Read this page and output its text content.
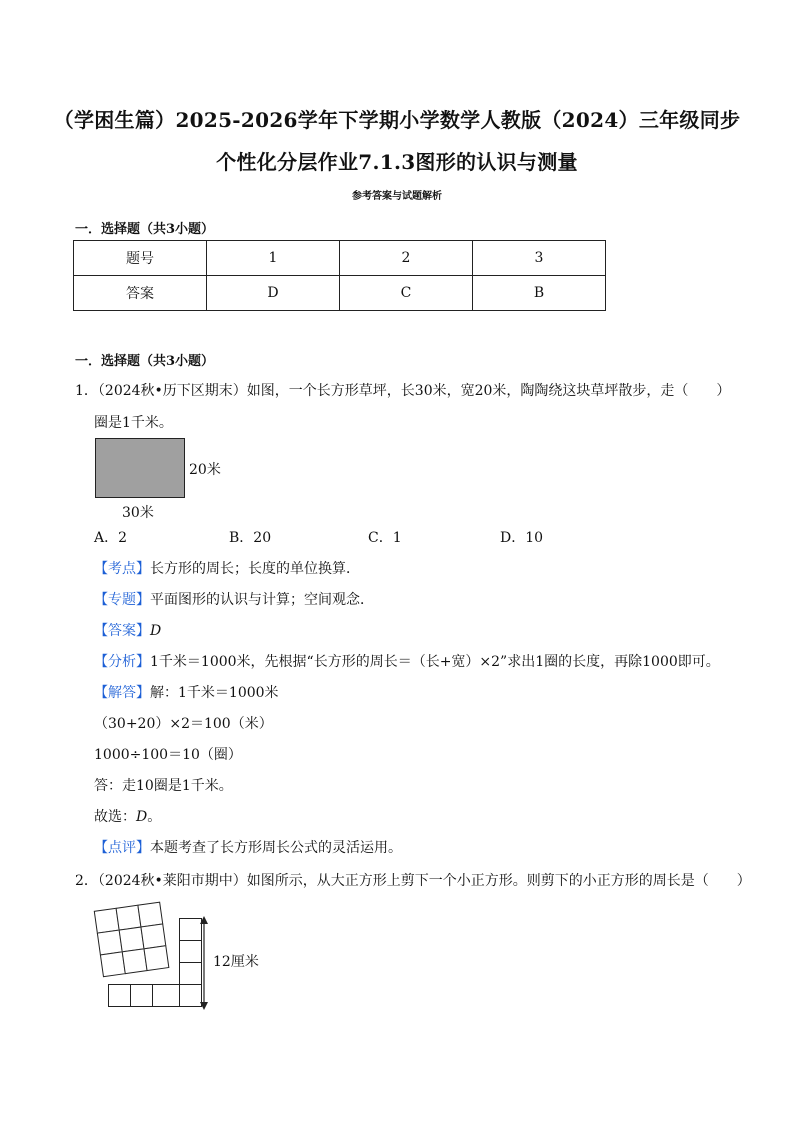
（学困生篇）2025-2026学年下学期小学数学人教版（2024）三年级同步
个性化分层作业7.1.3图形的认识与测量
参考答案与试题解析
一．选择题（共3小题）
题号	1	2	3
答案	D	C	B
一．选择题（共3小题）
1．（2024秋•历下区期末）如图，一个长方形草坪，长30米，宽20米，陶陶绕这块草坪散步，走（　　）
圈是1千米。
20米
30米
A．2	B．20	C．1	D．10
【考点】长方形的周长；长度的单位换算．
【专题】平面图形的认识与计算；空间观念．
【答案】D
【分析】1千米＝1000米，先根据“长方形的周长＝（长+宽）×2”求出1圈的长度，再除1000即可。
【解答】解：1千米＝1000米
（30+20）×2＝100（米）
1000÷100＝10（圈）
答：走10圈是1千米。
故选：D。
【点评】本题考查了长方形周长公式的灵活运用。
2．（2024秋•莱阳市期中）如图所示，从大正方形上剪下一个小正方形。则剪下的小正方形的周长是（　　）
12厘米
